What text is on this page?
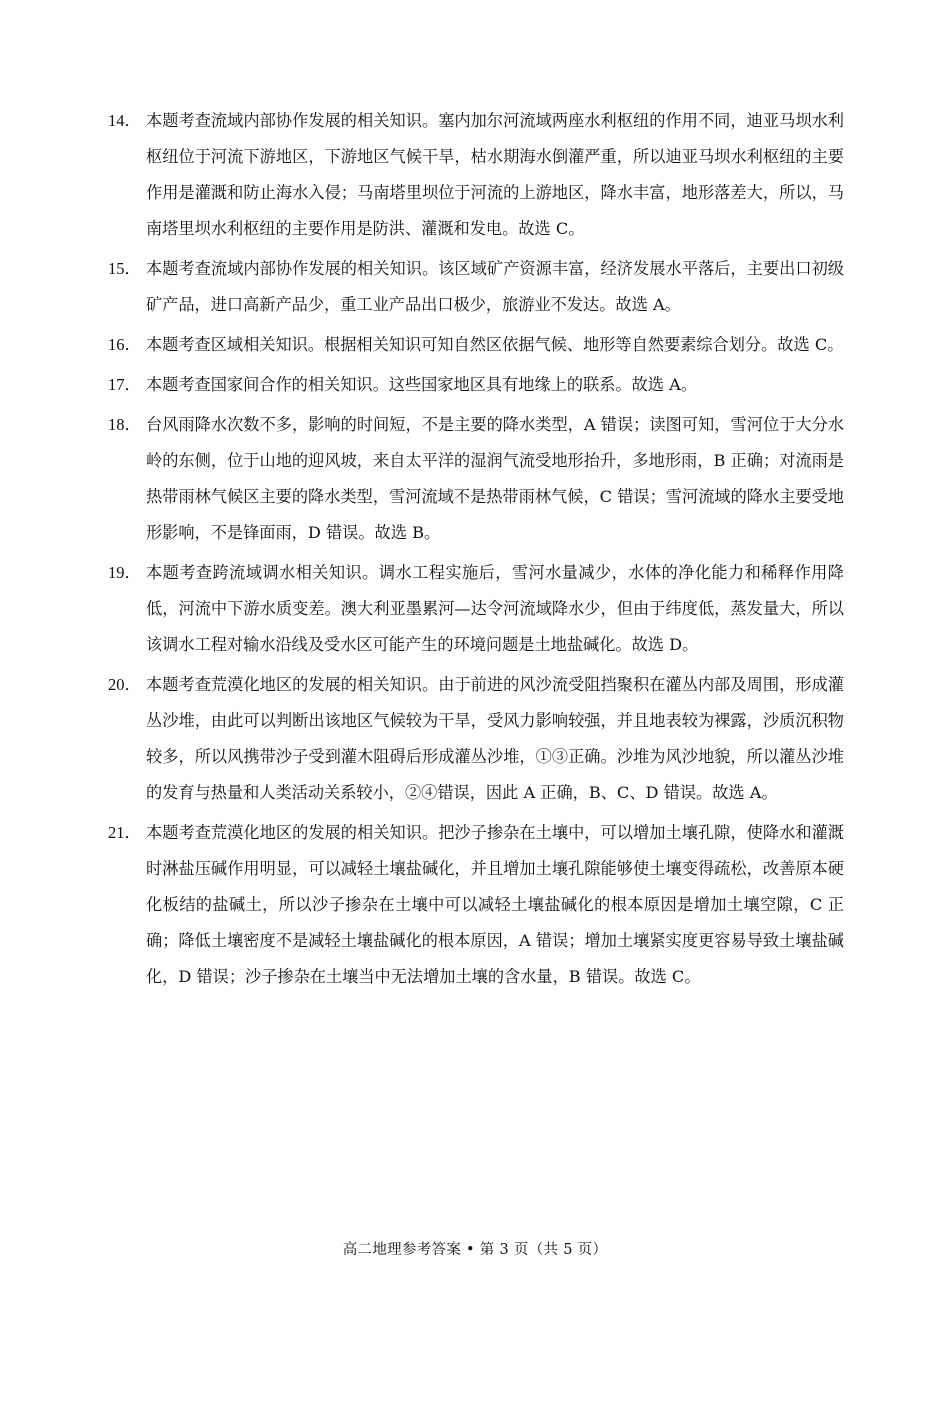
14． 本题考查流域内部协作发展的相关知识。塞内加尔河流域两座水利枢纽的作用不同，迪亚马坝水利枢纽位于河流下游地区，下游地区气候干旱，枯水期海水倒灌严重，所以迪亚马坝水利枢纽的主要作用是灌溉和防止海水入侵；马南塔里坝位于河流的上游地区，降水丰富，地形落差大，所以，马南塔里坝水利枢纽的主要作用是防洪、灌溉和发电。故选 C。
15． 本题考查流域内部协作发展的相关知识。该区域矿产资源丰富，经济发展水平落后，主要出口初级矿产品，进口高新产品少，重工业产品出口极少，旅游业不发达。故选 A。
16． 本题考查区域相关知识。根据相关知识可知自然区依据气候、地形等自然要素综合划分。故选 C。
17． 本题考查国家间合作的相关知识。这些国家地区具有地缘上的联系。故选 A。
18． 台风雨降水次数不多，影响的时间短，不是主要的降水类型，A 错误；读图可知，雪河位于大分水岭的东侧，位于山地的迎风坡，来自太平洋的湿润气流受地形抬升，多地形雨，B 正确；对流雨是热带雨林气候区主要的降水类型，雪河流域不是热带雨林气候，C 错误；雪河流域的降水主要受地形影响，不是锋面雨，D 错误。故选 B。
19． 本题考查跨流域调水相关知识。调水工程实施后，雪河水量减少，水体的净化能力和稀释作用降低，河流中下游水质变差。澳大利亚墨累河—达令河流域降水少，但由于纬度低，蒸发量大，所以该调水工程对输水沿线及受水区可能产生的环境问题是土地盐碱化。故选 D。
20． 本题考查荒漠化地区的发展的相关知识。由于前进的风沙流受阻挡聚积在灌丛内部及周围，形成灌丛沙堆，由此可以判断出该地区气候较为干旱，受风力影响较强，并且地表较为裸露，沙质沉积物较多，所以风携带沙子受到灌木阻碍后形成灌丛沙堆，①③正确。沙堆为风沙地貌，所以灌丛沙堆的发育与热量和人类活动关系较小，②④错误，因此 A 正确，B、C、D 错误。故选 A。
21． 本题考查荒漠化地区的发展的相关知识。把沙子掺杂在土壤中，可以增加土壤孔隙，使降水和灌溉时淋盐压碱作用明显，可以减轻土壤盐碱化，并且增加土壤孔隙能够使土壤变得疏松，改善原本硬化板结的盐碱土，所以沙子掺杂在土壤中可以减轻土壤盐碱化的根本原因是增加土壤空隙，C 正确；降低土壤密度不是减轻土壤盐碱化的根本原因，A 错误；增加土壤紧实度更容易导致土壤盐碱化，D 错误；沙子掺杂在土壤当中无法增加土壤的含水量，B 错误。故选 C。
高二地理参考答案 • 第 3 页（共 5 页）
